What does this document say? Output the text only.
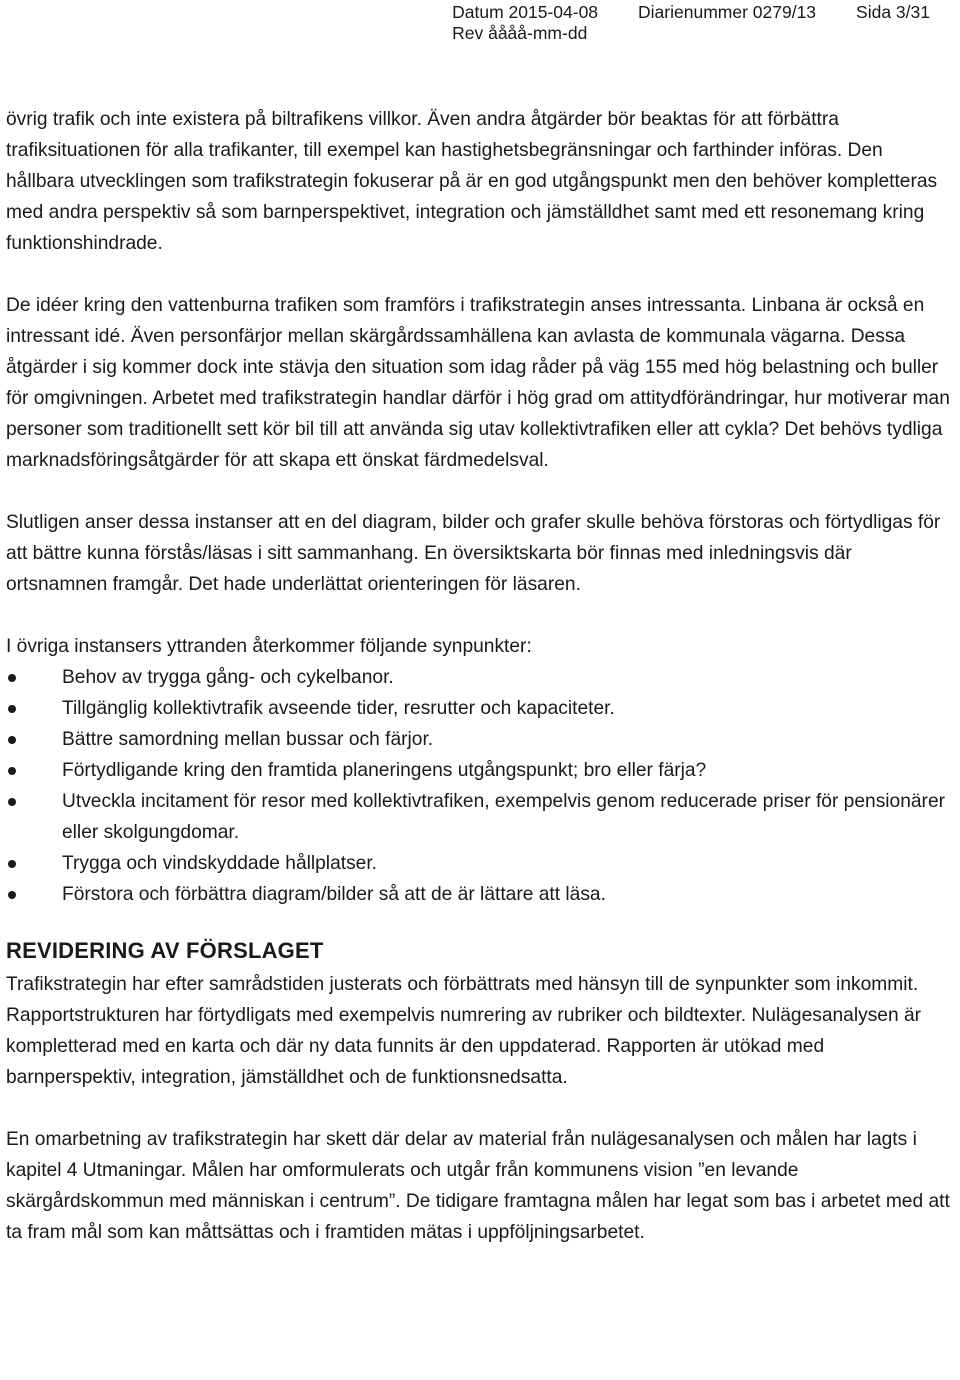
Datum 2015-04-08 Diarienummer 0279/13 Sida 3/31
Rev åååå-mm-dd

övrig trafik och inte existera på biltrafikens villkor. Även andra åtgärder bör beaktas för att förbättra trafiksituationen för alla trafikanter, till exempel kan hastighetsbegränsningar och farthinder införas. Den hållbara utvecklingen som trafikstrategin fokuserar på är en god utgångspunkt men den behöver kompletteras med andra perspektiv så som barnperspektivet, integration och jämställdhet samt med ett resonemang kring funktionshindrade.

De idéer kring den vattenburna trafiken som framförs i trafikstrategin anses intressanta. Linbana är också en intressant idé. Även personfärjor mellan skärgårdssamhällena kan avlasta de kommunala vägarna. Dessa åtgärder i sig kommer dock inte stävja den situation som idag råder på väg 155 med hög belastning och buller för omgivningen. Arbetet med trafikstrategin handlar därför i hög grad om attitydförändringar, hur motiverar man personer som traditionellt sett kör bil till att använda sig utav kollektivtrafiken eller att cykla? Det behövs tydliga marknadsföringsåtgärder för att skapa ett önskat färdmedelsval.

Slutligen anser dessa instanser att en del diagram, bilder och grafer skulle behöva förstoras och förtydligas för att bättre kunna förstås/läsas i sitt sammanhang. En översiktskarta bör finnas med inledningsvis där ortsnamnen framgår. Det hade underlättat orienteringen för läsaren.

I övriga instansers yttranden återkommer följande synpunkter:

Behov av trygga gång- och cykelbanor.
Tillgänglig kollektivtrafik avseende tider, resrutter och kapaciteter.
Bättre samordning mellan bussar och färjor.
Förtydligande kring den framtida planeringens utgångspunkt; bro eller färja?
Utveckla incitament för resor med kollektivtrafiken, exempelvis genom reducerade priser för pensionärer eller skolgungdomar.
Trygga och vindskyddade hållplatser.
Förstora och förbättra diagram/bilder så att de är lättare att läsa.
REVIDERING AV FÖRSLAGET

Trafikstrategin har efter samrådstiden justerats och förbättrats med hänsyn till de synpunkter som inkommit. Rapportstrukturen har förtydligats med exempelvis numrering av rubriker och bildtexter. Nulägesanalysen är kompletterad med en karta och där ny data funnits är den uppdaterad. Rapporten är utökad med barnperspektiv, integration, jämställdhet och de funktionsnedsatta.

En omarbetning av trafikstrategin har skett där delar av material från nulägesanalysen och målen har lagts i kapitel 4 Utmaningar. Målen har omformulerats och utgår från kommunens vision ”en levande skärgårdskommun med människan i centrum”. De tidigare framtagna målen har legat som bas i arbetet med att ta fram mål som kan måttsättas och i framtiden mätas i uppföljningsarbetet.
